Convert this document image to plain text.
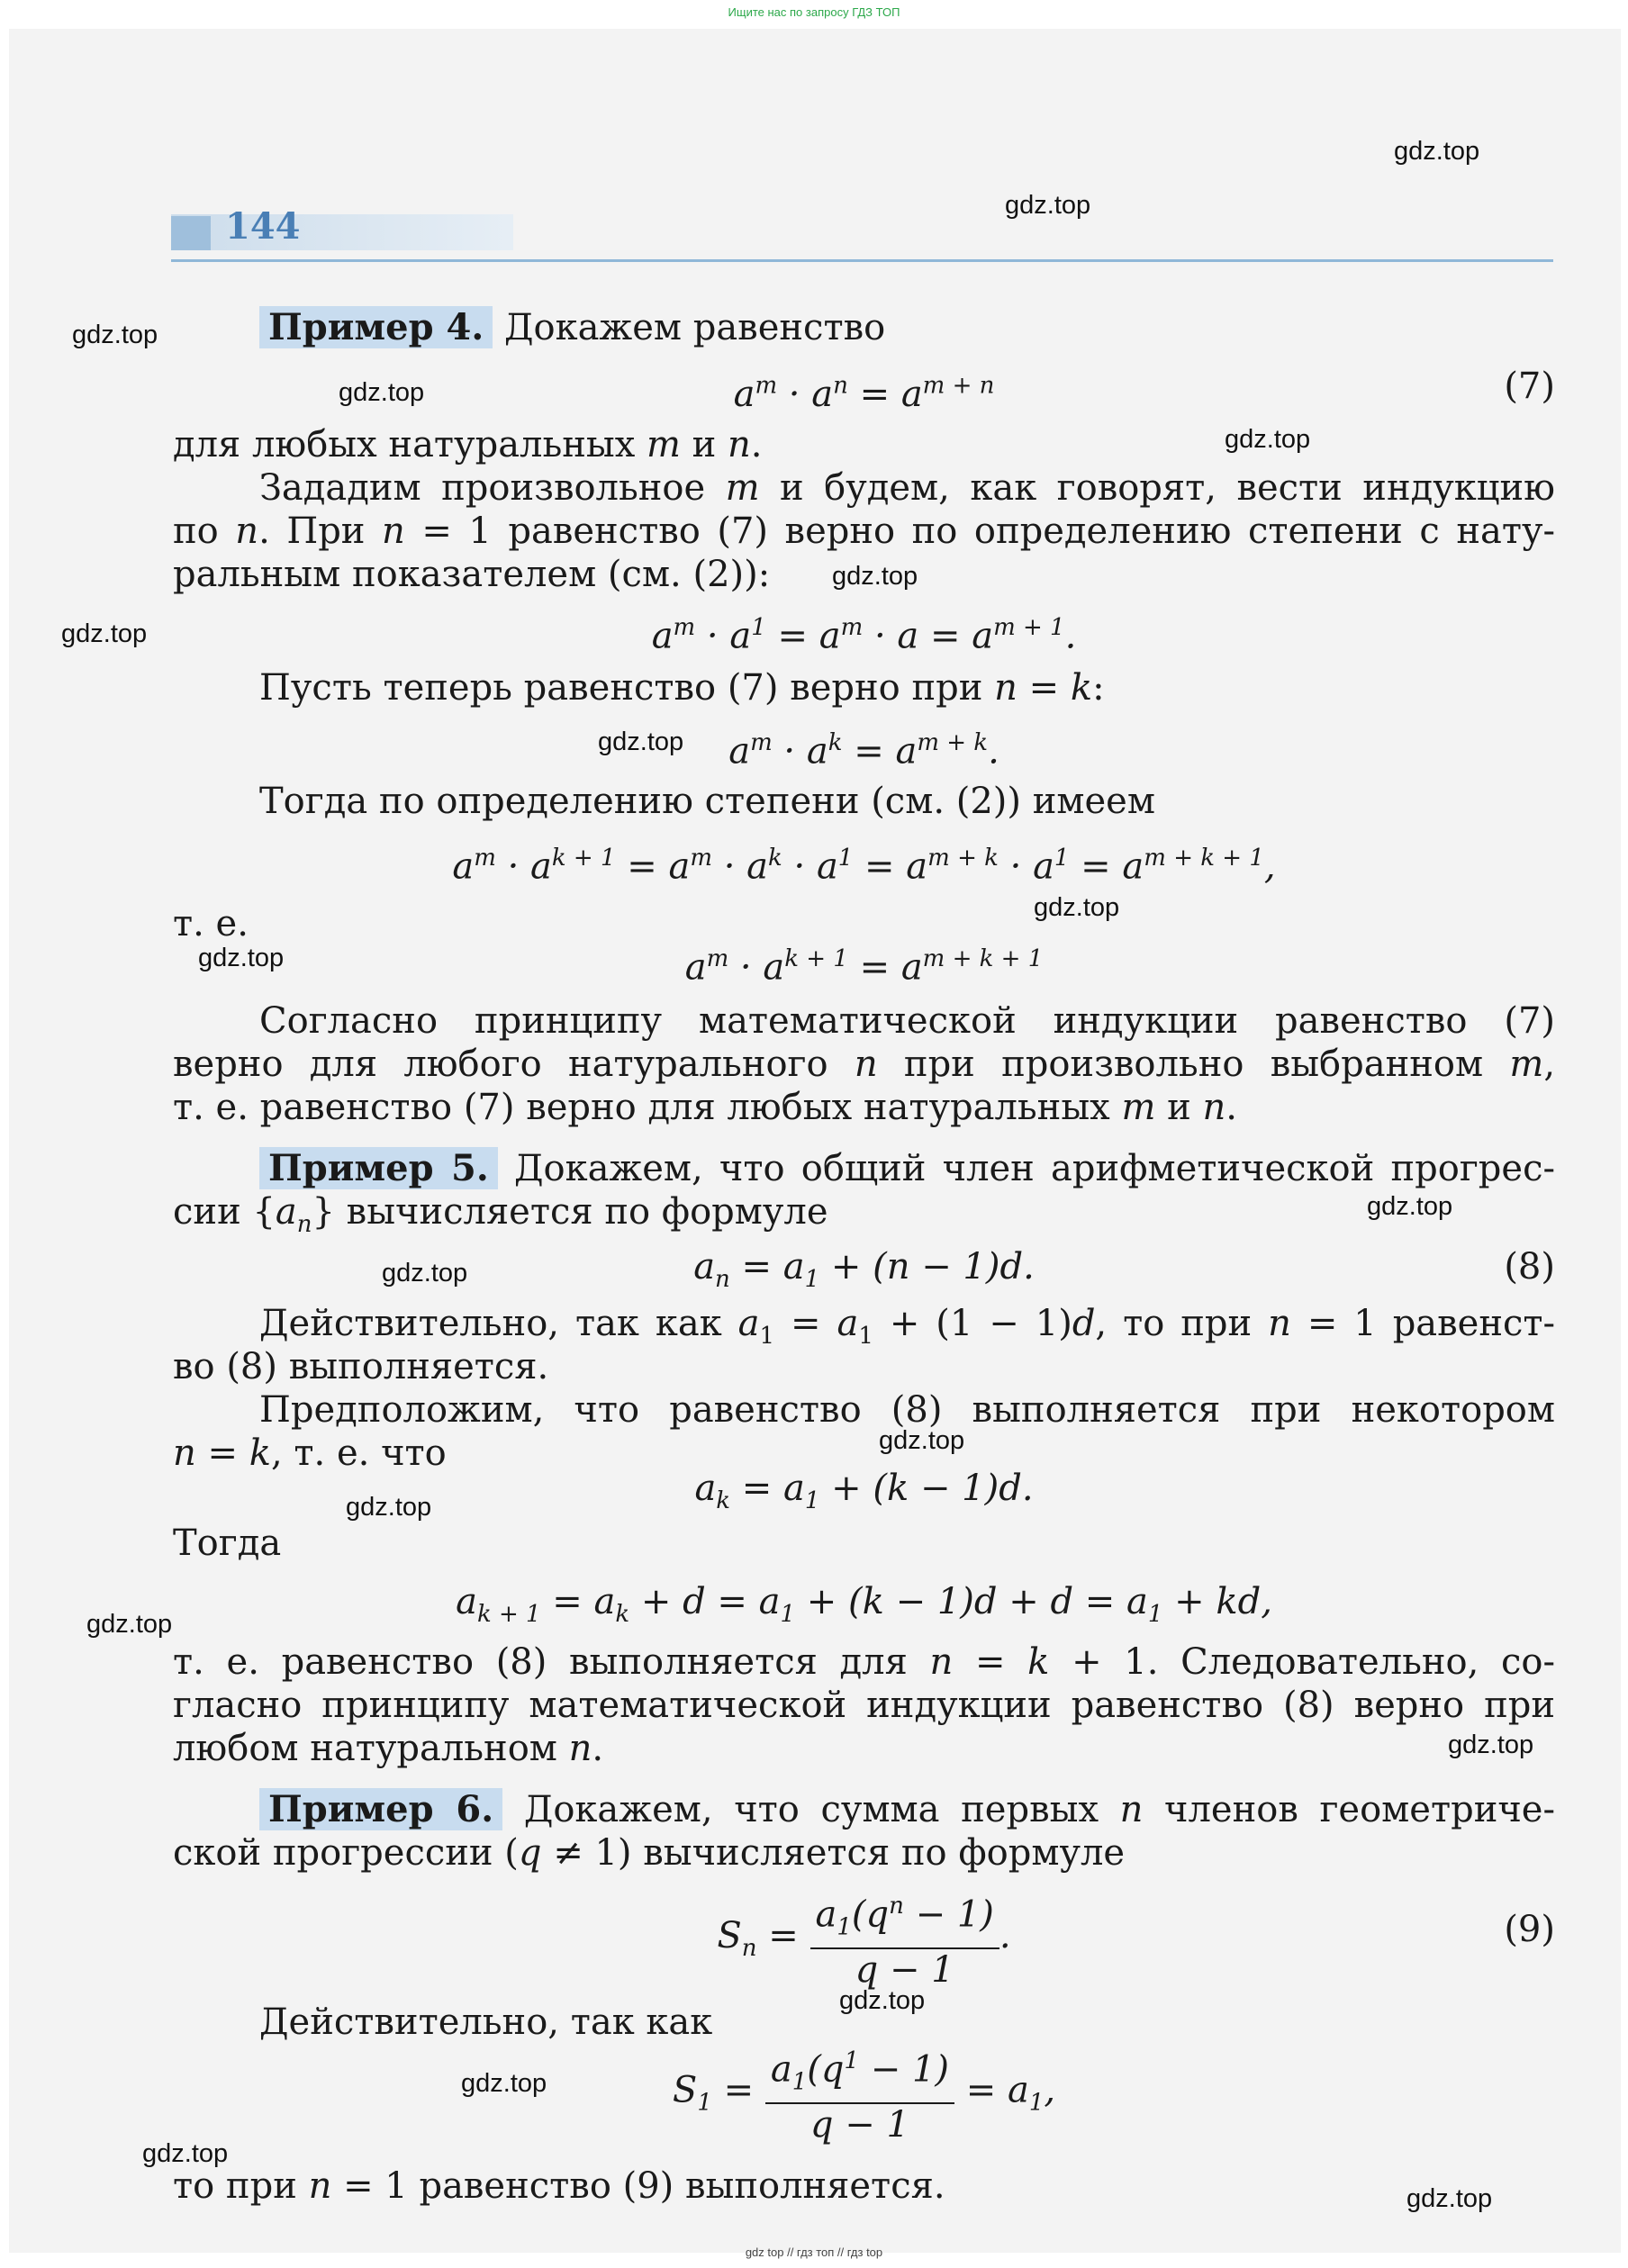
Ищите нас по запросу ГДЗ ТОП
144
Пример 4. Докажем равенство
$a^m \cdot a^n = a^{m + n}$	(7)
для любых натуральных m и n.
Зададим произвольное m и будем, как говорят, вести индукцию
по n. При n = 1 равенство (7) верно по определению степени с нату-
ральным показателем (см. (2)):
$a^m \cdot a^1 = a^m \cdot a = a^{m + 1}$.
Пусть теперь равенство (7) верно при n = k:
$a^m \cdot a^k = a^{m + k}$.
Тогда по определению степени (см. (2)) имеем
$a^m \cdot a^{k + 1} = a^m \cdot a^k \cdot a^1 = a^{m + k} \cdot a^1 = a^{m + k + 1}$,
т. е.
$a^m \cdot a^{k + 1} = a^{m + k + 1}$
Согласно принципу математической индукции равенство (7)
верно для любого натурального n при произвольно выбранном m,
т. е. равенство (7) верно для любых натуральных m и n.
Пример 5. Докажем, что общий член арифметической прогрес-
сии $\{a_n\}$ вычисляется по формуле
$a_n = a_1 + (n - 1)d$.	(8)
Действительно, так как $a_1 = a_1 + (1 - 1)d$, то при n = 1 равенст-
во (8) выполняется.
Предположим, что равенство (8) выполняется при некотором
n = k, т. е. что
$a_k = a_1 + (k - 1)d$.
Тогда
$a_{k + 1} = a_k + d = a_1 + (k - 1)d + d = a_1$ + kd,
т. е. равенство (8) выполняется для n = k + 1. Следовательно, со-
гласно принципу математической индукции равенство (8) верно при
любом натуральном n.
Пример 6. Докажем, что сумма первых n членов геометриче-
ской прогрессии (q ≠ 1) вычисляется по формуле
$S_n = \frac{a_1(q^n - 1)}{q - 1}$ .	(9)
Действительно, так как
$S_1 = \frac{a_1(q^1 - 1)}{q - 1} = a_1$,
то при n = 1 равенство (9) выполняется.
gdz.top
gdz.top
gdz.top
gdz.top
gdz.top
gdz.top
gdz.top
gdz.top
gdz.top
gdz.top
gdz.top
gdz.top
gdz.top
gdz.top
gdz.top
gdz.top
gdz.top
gdz.top
gdz.top
gdz.top
gdz top // гдз топ // гдз top
